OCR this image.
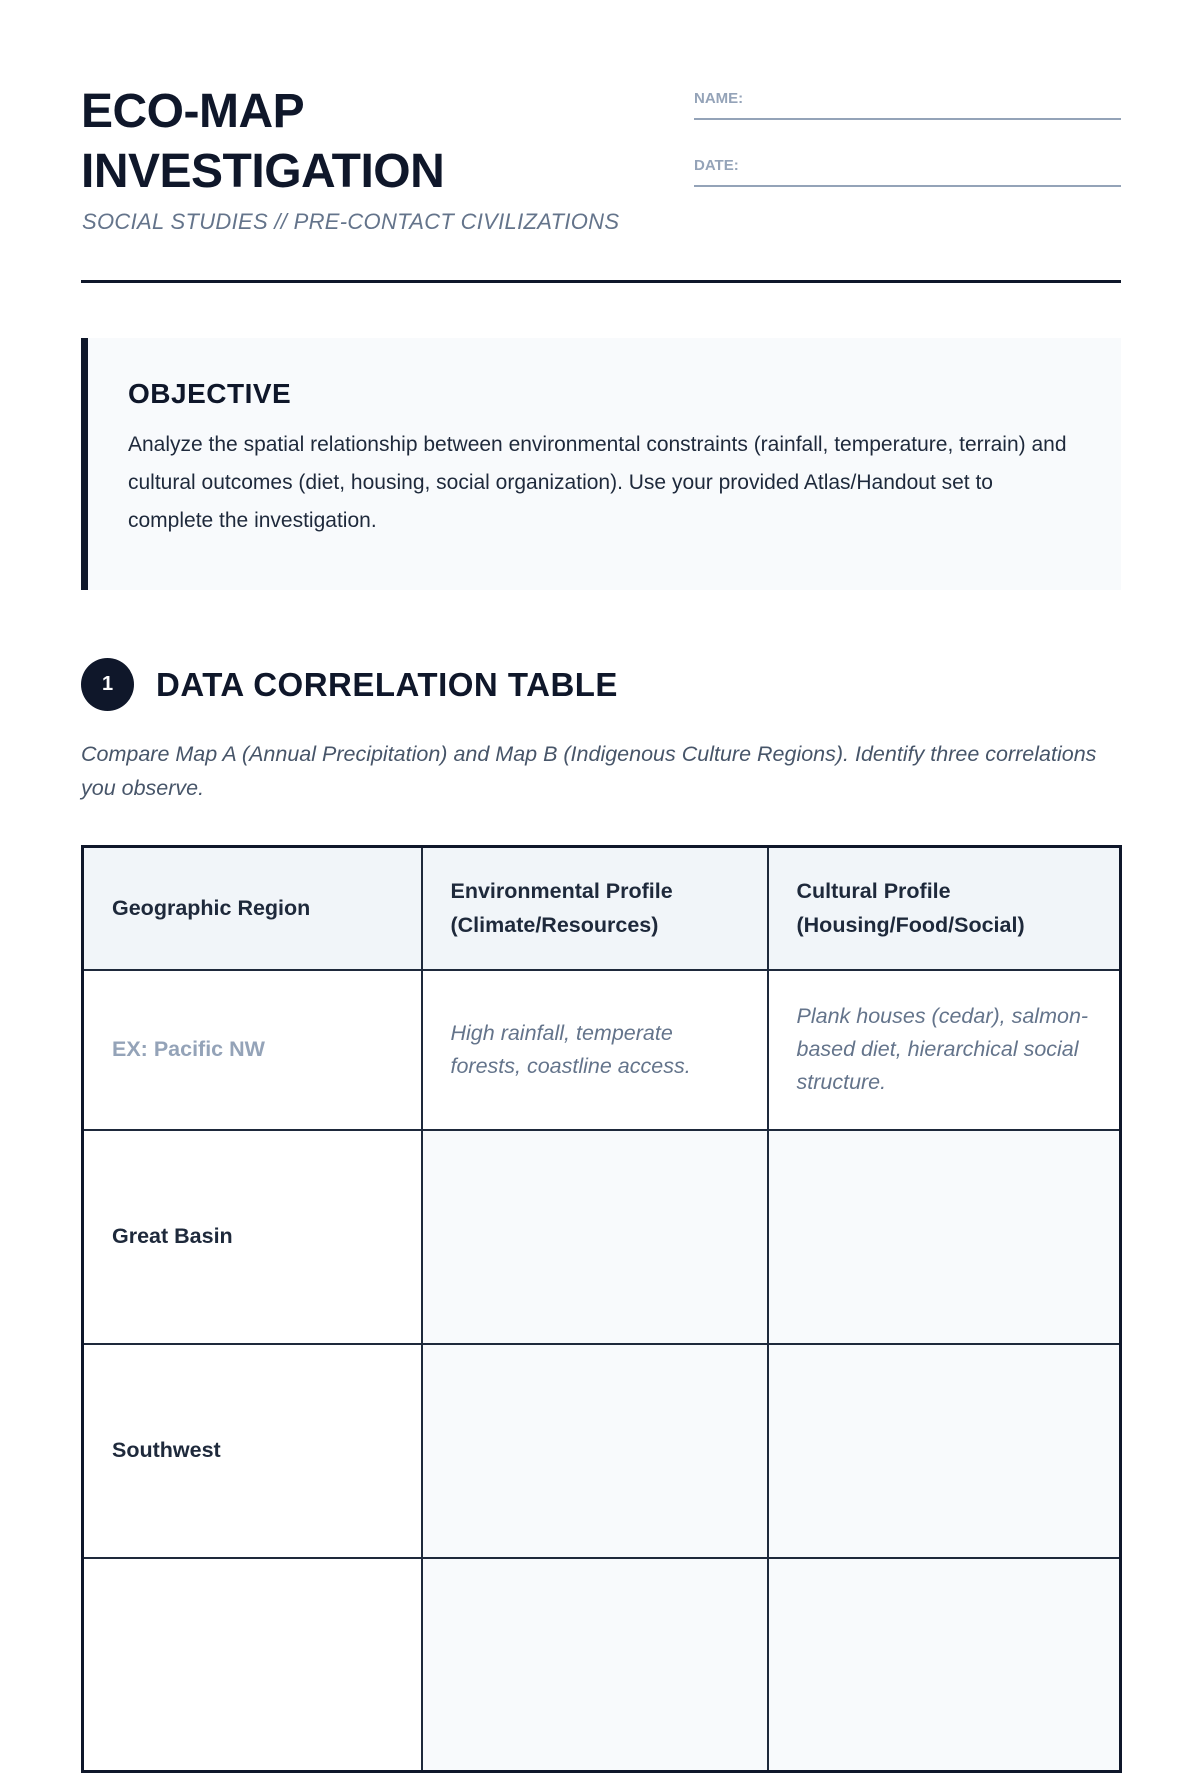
ECO-MAP
INVESTIGATION
SOCIAL STUDIES // PRE-CONTACT CIVILIZATIONS
NAME:
DATE:
OBJECTIVE

Analyze the spatial relationship between environmental constraints (rainfall, temperature, terrain) and cultural outcomes (diet, housing, social organization). Use your provided Atlas/Handout set to complete the investigation.

1	DATA CORRELATION TABLE
Compare Map A (Annual Precipitation) and Map B (Indigenous Culture Regions). Identify three correlations you observe.
Geographic Region	Environmental Profile (Climate/Resources)	Cultural Profile (Housing/Food/Social)
EX: Pacific NW	High rainfall, temperate forests, coastline access.	Plank houses (cedar), salmon-based diet, hierarchical social structure.
Great Basin		
Southwest		
